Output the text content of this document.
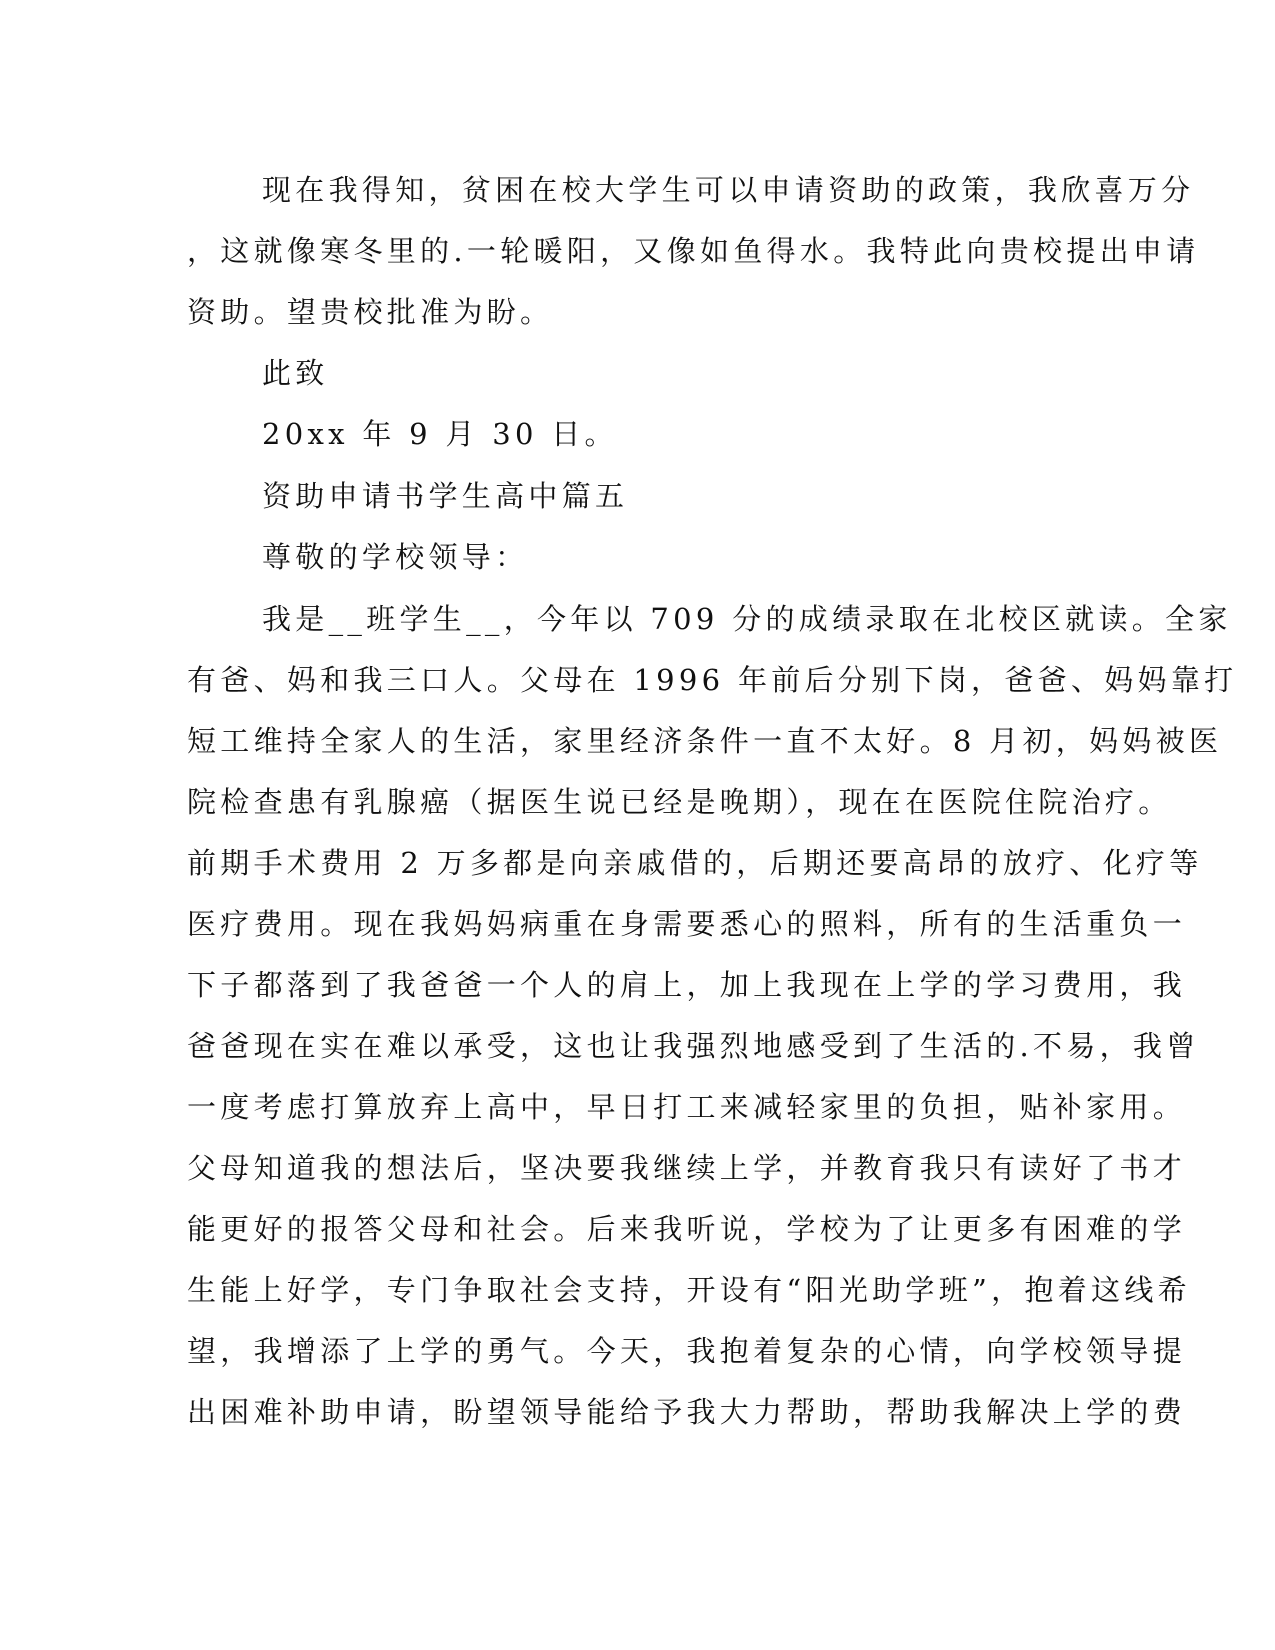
现在我得知，贫困在校大学生可以申请资助的政策，我欣喜万分

，这就像寒冬里的.一轮暖阳，又像如鱼得水。我特此向贵校提出申请

资助。望贵校批准为盼。

此致

20xx 年 9 月 30 日。

资助申请书学生高中篇五

尊敬的学校领导：

我是__班学生__，今年以 709 分的成绩录取在北校区就读。全家

有爸、妈和我三口人。父母在 1996 年前后分别下岗，爸爸、妈妈靠打

短工维持全家人的生活，家里经济条件一直不太好。8 月初，妈妈被医

院检查患有乳腺癌（据医生说已经是晚期），现在在医院住院治疗。

前期手术费用 2 万多都是向亲戚借的，后期还要高昂的放疗、化疗等

医疗费用。现在我妈妈病重在身需要悉心的照料，所有的生活重负一

下子都落到了我爸爸一个人的肩上，加上我现在上学的学习费用，我

爸爸现在实在难以承受，这也让我强烈地感受到了生活的.不易，我曾

一度考虑打算放弃上高中，早日打工来减轻家里的负担，贴补家用。

父母知道我的想法后，坚决要我继续上学，并教育我只有读好了书才

能更好的报答父母和社会。后来我听说，学校为了让更多有困难的学

生能上好学，专门争取社会支持，开设有“阳光助学班”，抱着这线希

望，我增添了上学的勇气。今天，我抱着复杂的心情，向学校领导提

出困难补助申请，盼望领导能给予我大力帮助，帮助我解决上学的费
